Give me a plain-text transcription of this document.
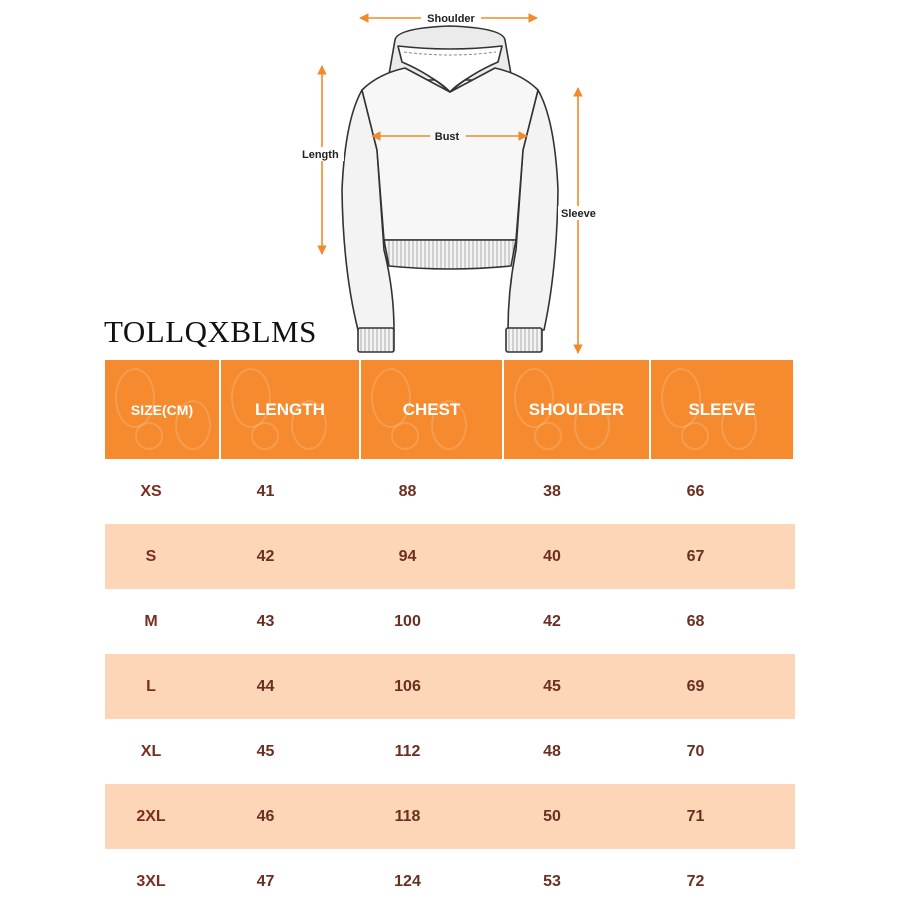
Shoulder
Bust
Length
Sleeve
TOLLQXBLMS
SIZE(CM)	LENGTH	CHEST	SHOULDER	SLEEVE
XS	41	88	38	66
S	42	94	40	67
M	43	100	42	68
L	44	106	45	69
XL	45	112	48	70
2XL	46	118	50	71
3XL	47	124	53	72
